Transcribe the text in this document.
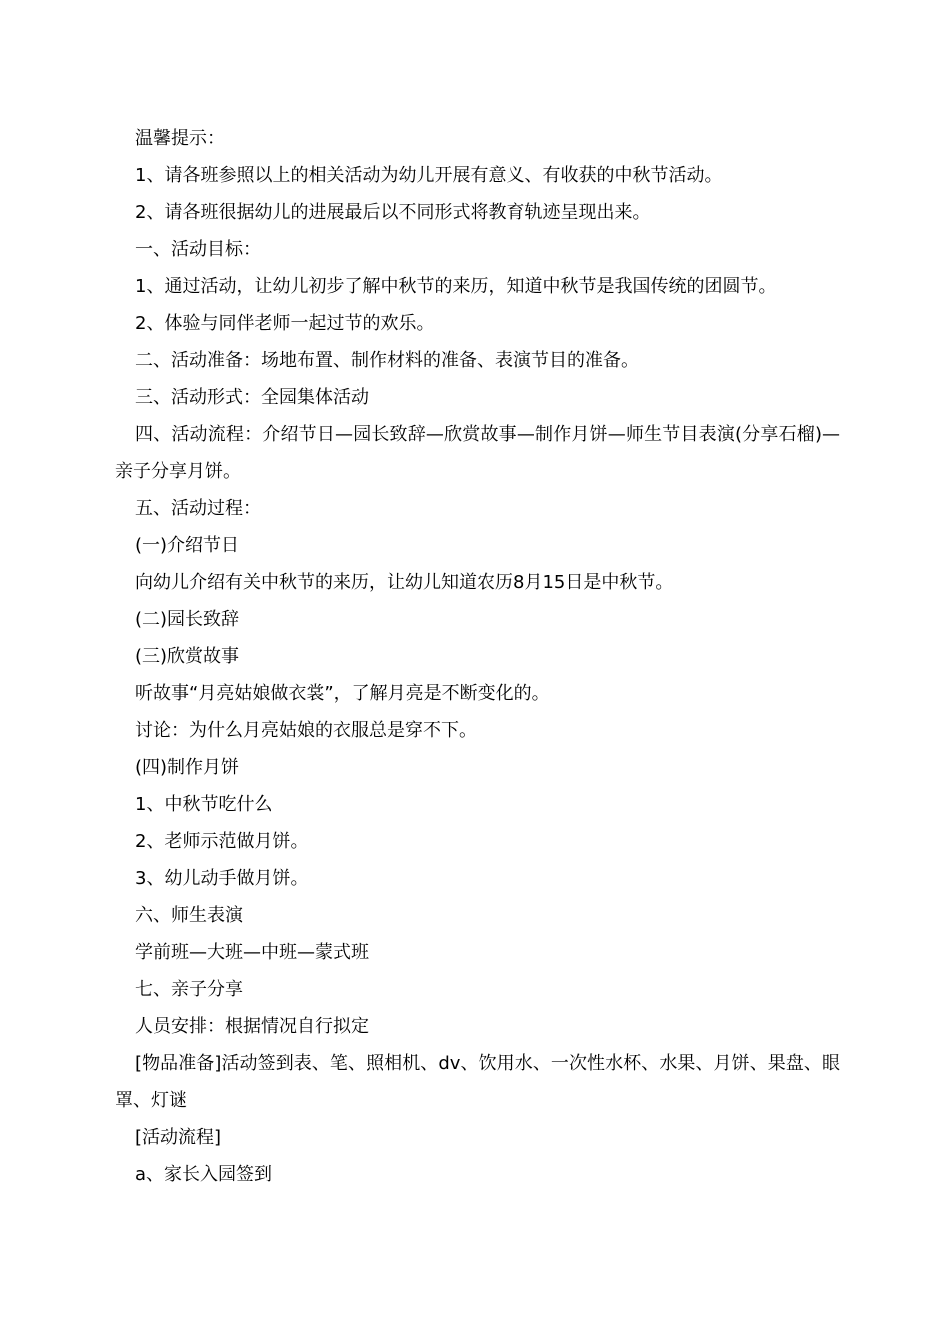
温馨提示：

1、请各班参照以上的相关活动为幼儿开展有意义、有收获的中秋节活动。

2、请各班很据幼儿的进展最后以不同形式将教育轨迹呈现出来。

一、活动目标：

1、通过活动，让幼儿初步了解中秋节的来历，知道中秋节是我国传统的团圆节。

2、体验与同伴老师一起过节的欢乐。

二、活动准备：场地布置、制作材料的准备、表演节目的准备。

三、活动形式：全园集体活动

四、活动流程：介绍节日—园长致辞—欣赏故事—制作月饼—师生节目表演(分享石榴)—亲子分享月饼。

五、活动过程：

(一)介绍节日

向幼儿介绍有关中秋节的来历，让幼儿知道农历8月15日是中秋节。

(二)园长致辞

(三)欣赏故事

听故事“月亮姑娘做衣裳”，了解月亮是不断变化的。

讨论：为什么月亮姑娘的衣服总是穿不下。

(四)制作月饼

1、中秋节吃什么

2、老师示范做月饼。

3、幼儿动手做月饼。

六、师生表演

学前班—大班—中班—蒙式班

七、亲子分享

人员安排：根据情况自行拟定

[物品准备]活动签到表、笔、照相机、dv、饮用水、一次性水杯、水果、月饼、果盘、眼罩、灯谜

[活动流程]

a、家长入园签到
